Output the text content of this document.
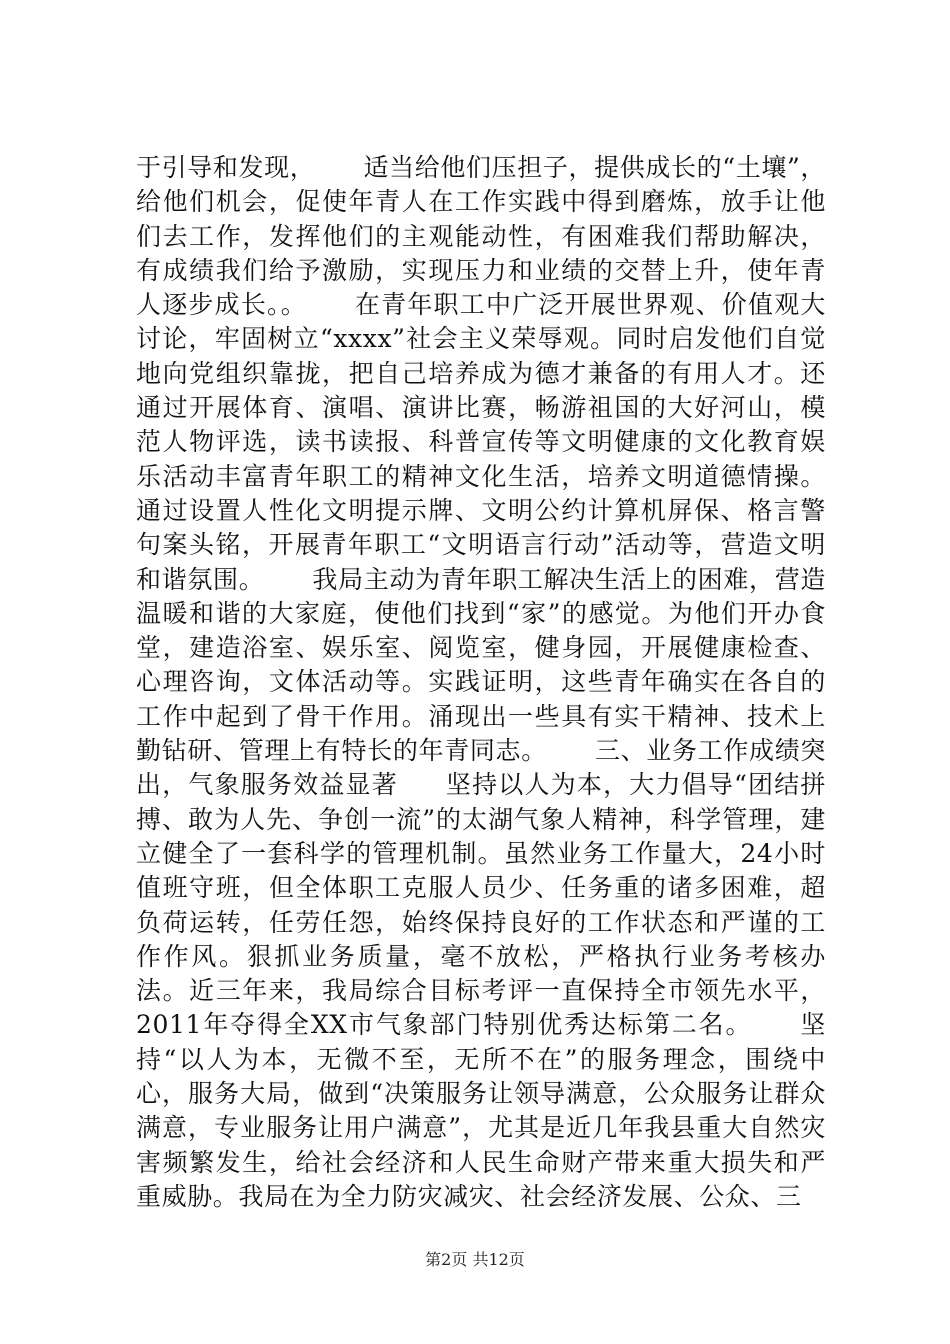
于引导和发现， 适当给他们压担子，提供成长的“土壤”，给他们机会，促使年青人在工作实践中得到磨炼，放手让他们去工作，发挥他们的主观能动性，有困难我们帮助解决，有成绩我们给予激励，实现压力和业绩的交替上升，使年青人逐步成长。。 在青年职工中广泛开展世界观、价值观大讨论，牢固树立“xxxx”社会主义荣辱观。同时启发他们自觉地向党组织靠拢，把自己培养成为德才兼备的有用人才。还通过开展体育、演唱、演讲比赛，畅游祖国的大好河山，模范人物评选，读书读报、科普宣传等文明健康的文化教育娱乐活动丰富青年职工的精神文化生活，培养文明道德情操。通过设置人性化文明提示牌、文明公约计算机屏保、格言警句案头铭，开展青年职工“文明语言行动”活动等，营造文明和谐氛围。 我局主动为青年职工解决生活上的困难，营造温暖和谐的大家庭，使他们找到“家”的感觉。为他们开办食堂，建造浴室、娱乐室、阅览室，健身园，开展健康检查、心理咨询，文体活动等。实践证明，这些青年确实在各自的工作中起到了骨干作用。涌现出一些具有实干精神、技术上勤钻研、管理上有特长的年青同志。 三、业务工作成绩突出，气象服务效益显著 坚持以人为本，大力倡导“团结拼搏、敢为人先、争创一流”的太湖气象人精神，科学管理，建立健全了一套科学的管理机制。虽然业务工作量大，24小时值班守班，但全体职工克服人员少、任务重的诸多困难，超负荷运转，任劳任怨，始终保持良好的工作状态和严谨的工作作风。狠抓业务质量，毫不放松，严格执行业务考核办法。近三年来，我局综合目标考评一直保持全市领先水平，2011年夺得全XX市气象部门特别优秀达标第二名。 坚持“以人为本，无微不至，无所不在”的服务理念，围绕中心，服务大局，做到“决策服务让领导满意，公众服务让群众满意，专业服务让用户满意”，尤其是近几年我县重大自然灾害频繁发生，给社会经济和人民生命财产带来重大损失和严重威胁。我局在为全力防灾减灾、社会经济发展、公众、三
第2页 共12页
